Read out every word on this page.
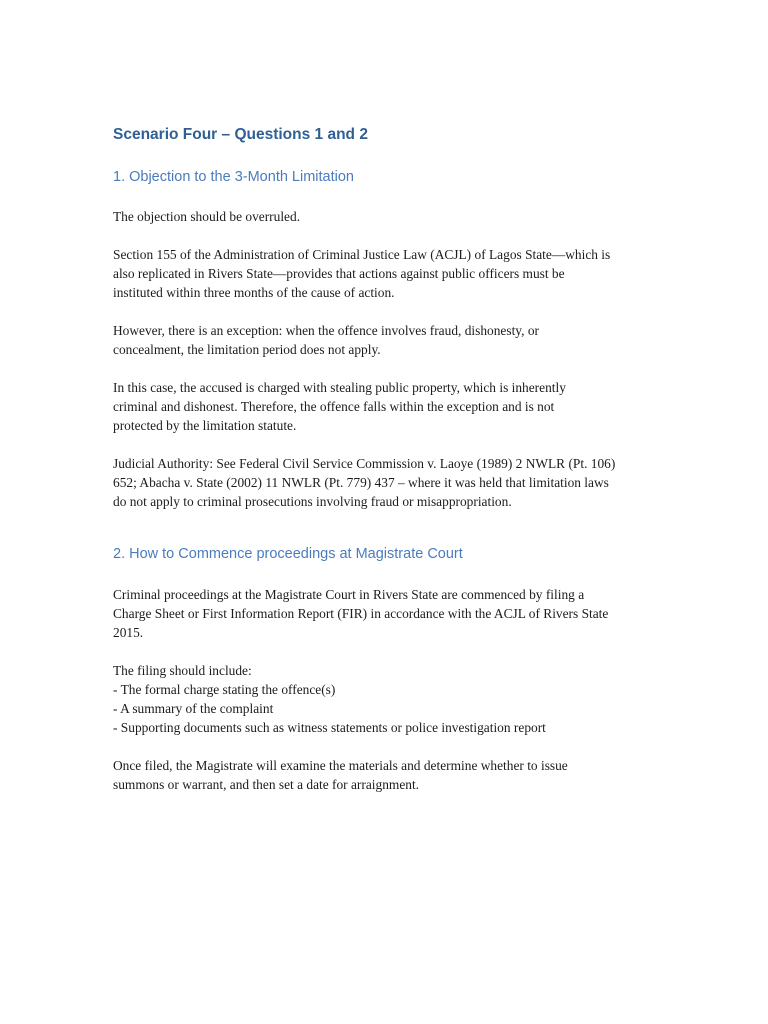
Scenario Four – Questions 1 and 2
1. Objection to the 3-Month Limitation

The objection should be overruled.

Section 155 of the Administration of Criminal Justice Law (ACJL) of Lagos State—which is
also replicated in Rivers State—provides that actions against public officers must be
instituted within three months of the cause of action.

However, there is an exception: when the offence involves fraud, dishonesty, or
concealment, the limitation period does not apply.

In this case, the accused is charged with stealing public property, which is inherently
criminal and dishonest. Therefore, the offence falls within the exception and is not
protected by the limitation statute.

Judicial Authority: See Federal Civil Service Commission v. Laoye (1989) 2 NWLR (Pt. 106)
652; Abacha v. State (2002) 11 NWLR (Pt. 779) 437 – where it was held that limitation laws
do not apply to criminal prosecutions involving fraud or misappropriation.

2. How to Commence proceedings at Magistrate Court

Criminal proceedings at the Magistrate Court in Rivers State are commenced by filing a
Charge Sheet or First Information Report (FIR) in accordance with the ACJL of Rivers State
2015.

The filing should include:
- The formal charge stating the offence(s)
- A summary of the complaint
- Supporting documents such as witness statements or police investigation report

Once filed, the Magistrate will examine the materials and determine whether to issue
summons or warrant, and then set a date for arraignment.
